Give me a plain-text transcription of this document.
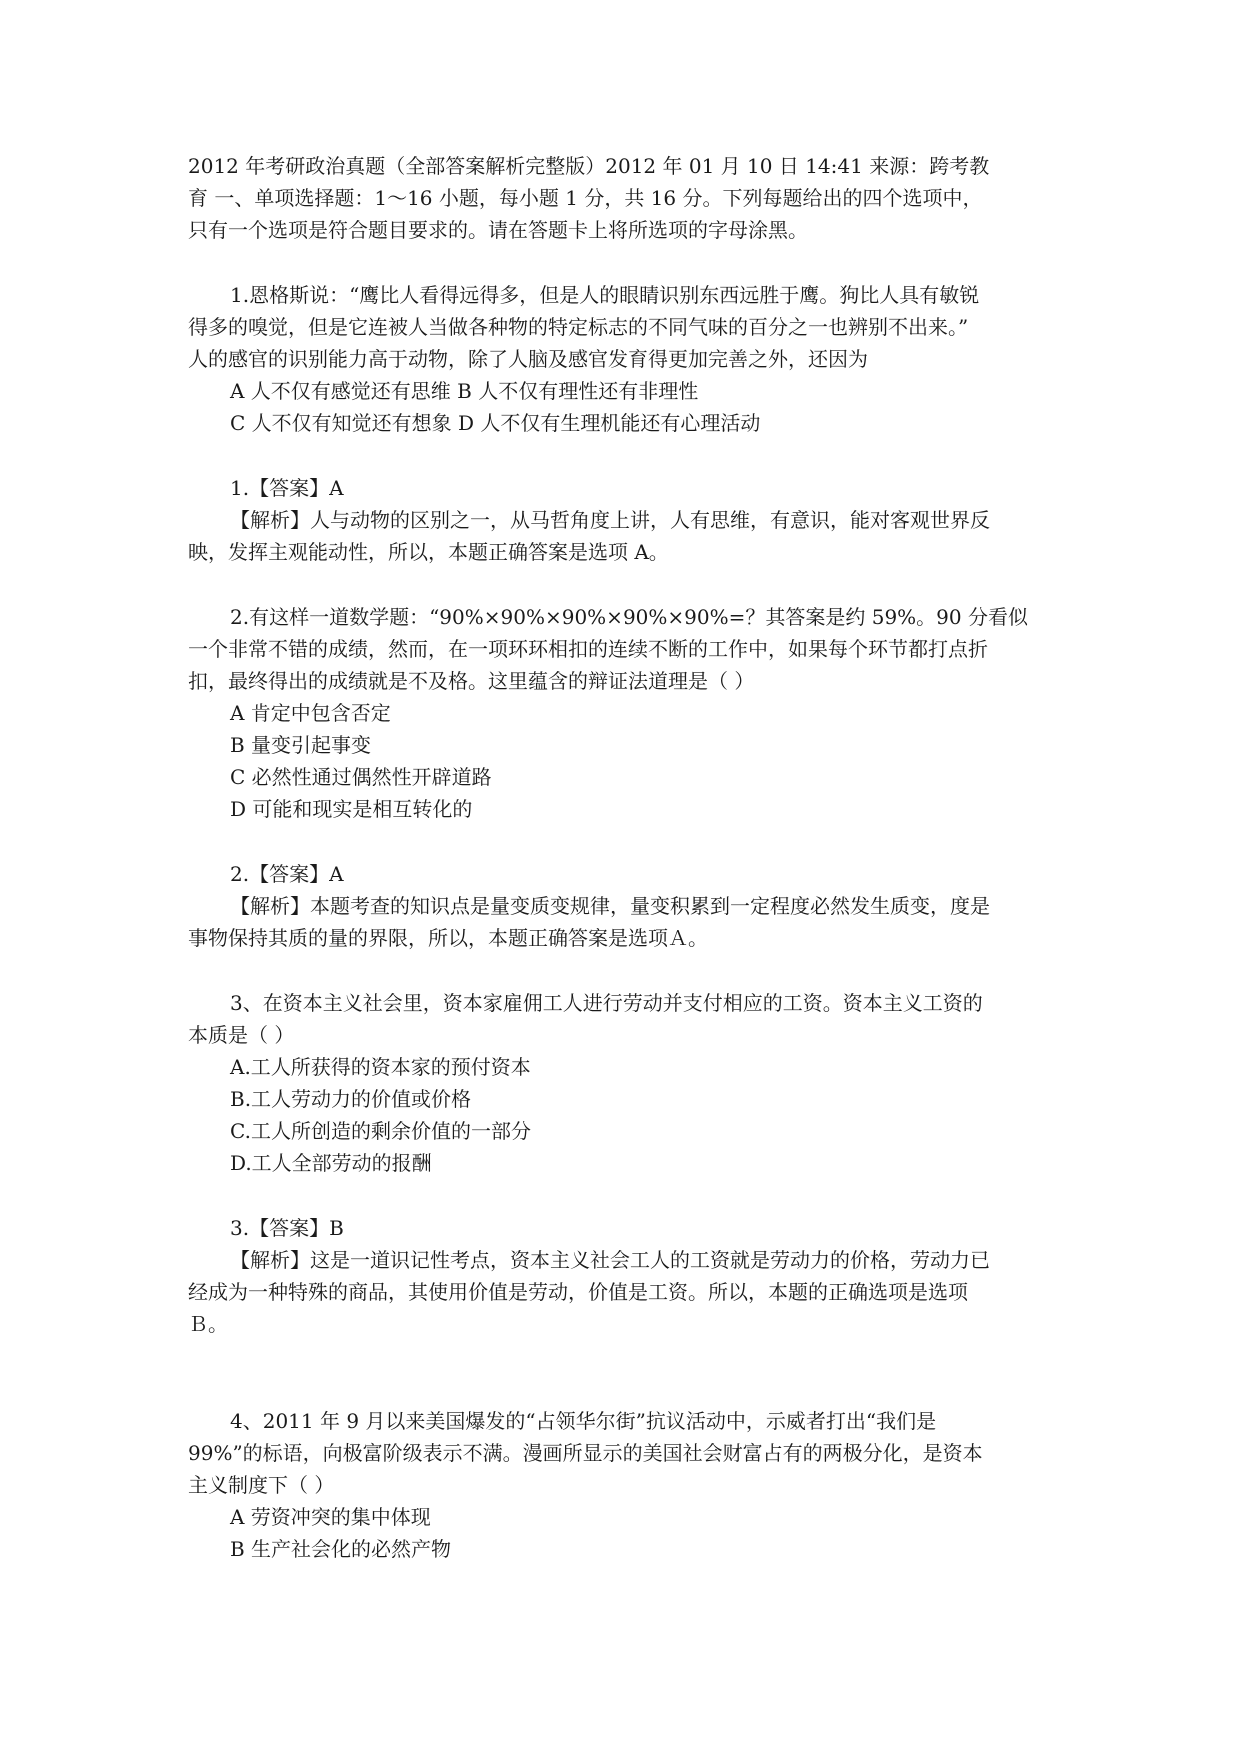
2012 年考研政治真题（全部答案解析完整版）2012 年 01 月 10 日 14:41 来源：跨考教

育 一、单项选择题：1～16 小题，每小题 1 分，共 16 分。下列每题给出的四个选项中，

只有一个选项是符合题目要求的。请在答题卡上将所选项的字母涂黑。

1.恩格斯说：“鹰比人看得远得多，但是人的眼睛识别东西远胜于鹰。狗比人具有敏锐

得多的嗅觉，但是它连被人当做各种物的特定标志的不同气味的百分之一也辨别不出来。”

人的感官的识别能力高于动物，除了人脑及感官发育得更加完善之外，还因为

A 人不仅有感觉还有思维 B 人不仅有理性还有非理性

C 人不仅有知觉还有想象 D 人不仅有生理机能还有心理活动

1.【答案】A

【解析】人与动物的区别之一，从马哲角度上讲，人有思维，有意识，能对客观世界反

映，发挥主观能动性，所以，本题正确答案是选项 A。

2.有这样一道数学题：“90%×90%×90%×90%×90%=？其答案是约 59%。90 分看似

一个非常不错的成绩，然而，在一项环环相扣的连续不断的工作中，如果每个环节都打点折

扣，最终得出的成绩就是不及格。这里蕴含的辩证法道理是（ ）

A 肯定中包含否定

B 量变引起事变

C 必然性通过偶然性开辟道路

D 可能和现实是相互转化的

2.【答案】A

【解析】本题考查的知识点是量变质变规律，量变积累到一定程度必然发生质变，度是

事物保持其质的量的界限，所以，本题正确答案是选项Ａ。

3、在资本主义社会里，资本家雇佣工人进行劳动并支付相应的工资。资本主义工资的

本质是（ ）

A.工人所获得的资本家的预付资本

B.工人劳动力的价值或价格

C.工人所创造的剩余价值的一部分

D.工人全部劳动的报酬

3.【答案】B

【解析】这是一道识记性考点，资本主义社会工人的工资就是劳动力的价格，劳动力已

经成为一种特殊的商品，其使用价值是劳动，价值是工资。所以，本题的正确选项是选项

Ｂ。

4、2011 年 9 月以来美国爆发的“占领华尔街”抗议活动中，示威者打出“我们是

99%”的标语，向极富阶级表示不满。漫画所显示的美国社会财富占有的两极分化，是资本

主义制度下（ ）

A 劳资冲突的集中体现

B 生产社会化的必然产物
